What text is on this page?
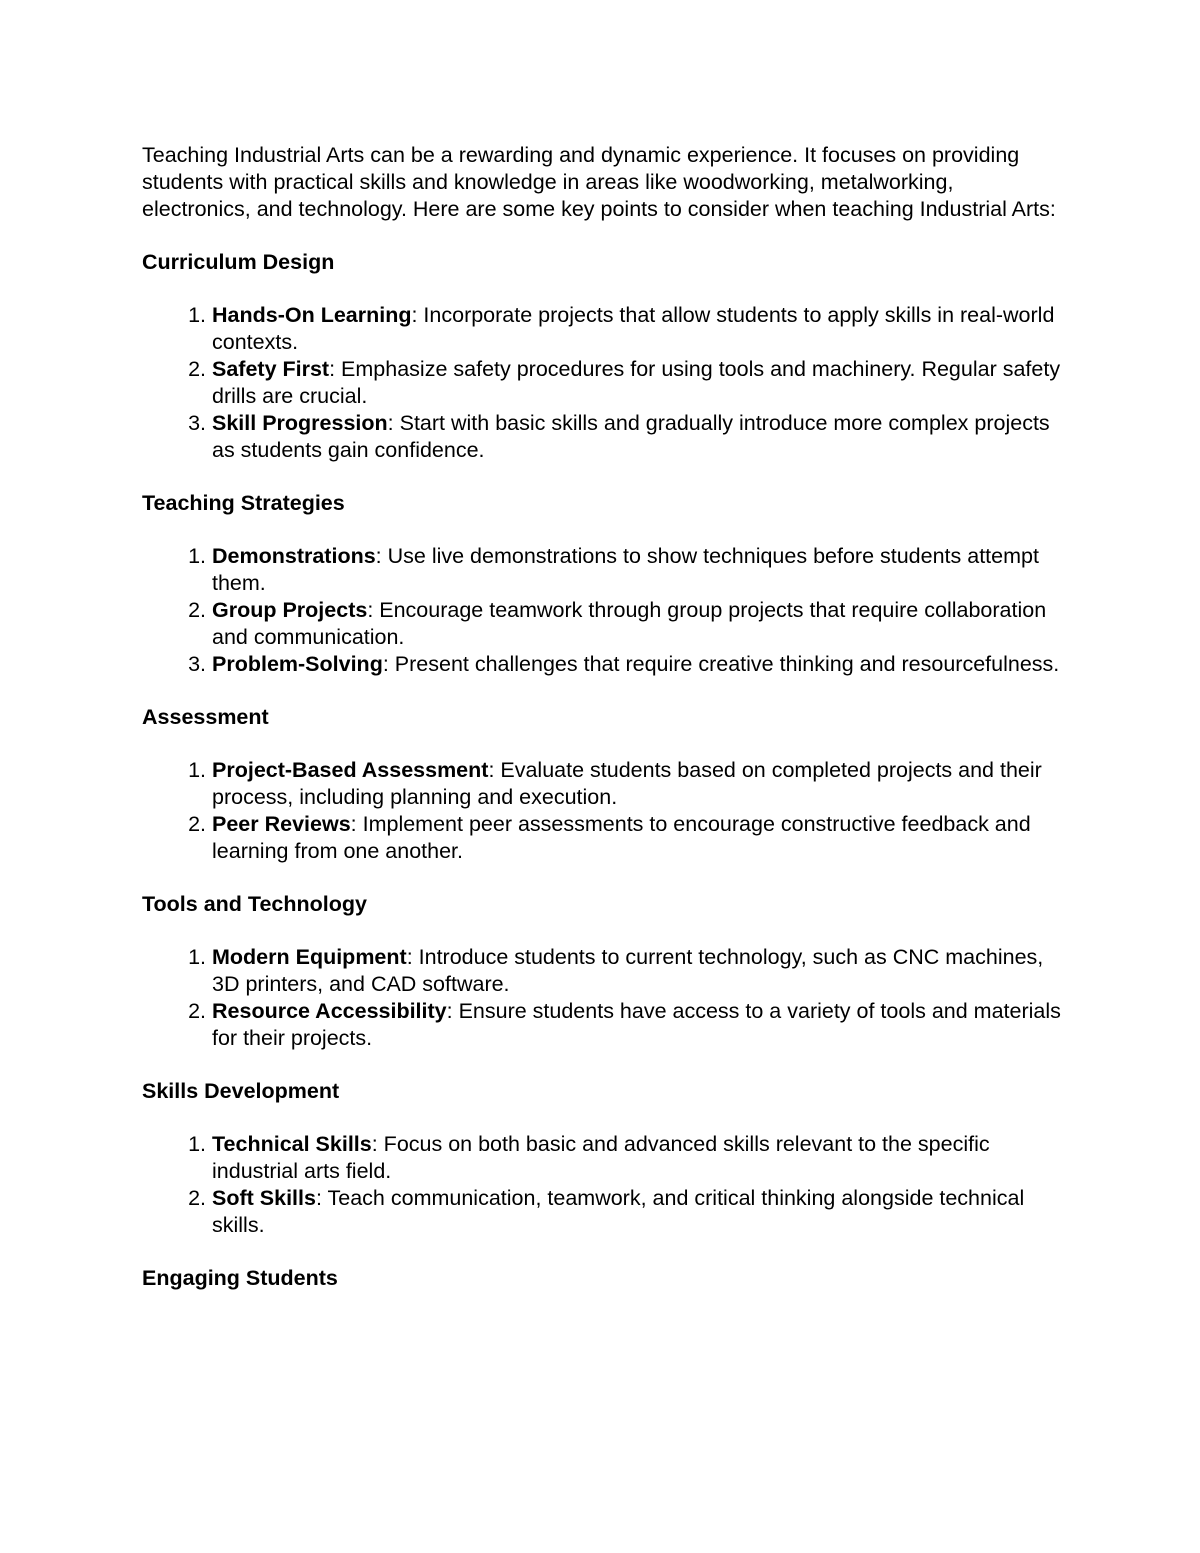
Teaching Industrial Arts can be a rewarding and dynamic experience. It focuses on providing students with practical skills and knowledge in areas like woodworking, metalworking, electronics, and technology. Here are some key points to consider when teaching Industrial Arts:

Curriculum Design
1. Hands-On Learning: Incorporate projects that allow students to apply skills in real-world contexts.
2. Safety First: Emphasize safety procedures for using tools and machinery. Regular safety drills are crucial.
3. Skill Progression: Start with basic skills and gradually introduce more complex projects as students gain confidence.
Teaching Strategies
1. Demonstrations: Use live demonstrations to show techniques before students attempt them.
2. Group Projects: Encourage teamwork through group projects that require collaboration and communication.
3. Problem-Solving: Present challenges that require creative thinking and resourcefulness.
Assessment
1. Project-Based Assessment: Evaluate students based on completed projects and their process, including planning and execution.
2. Peer Reviews: Implement peer assessments to encourage constructive feedback and learning from one another.
Tools and Technology
1. Modern Equipment: Introduce students to current technology, such as CNC machines, 3D printers, and CAD software.
2. Resource Accessibility: Ensure students have access to a variety of tools and materials for their projects.
Skills Development
1. Technical Skills: Focus on both basic and advanced skills relevant to the specific industrial arts field.
2. Soft Skills: Teach communication, teamwork, and critical thinking alongside technical skills.
Engaging Students
